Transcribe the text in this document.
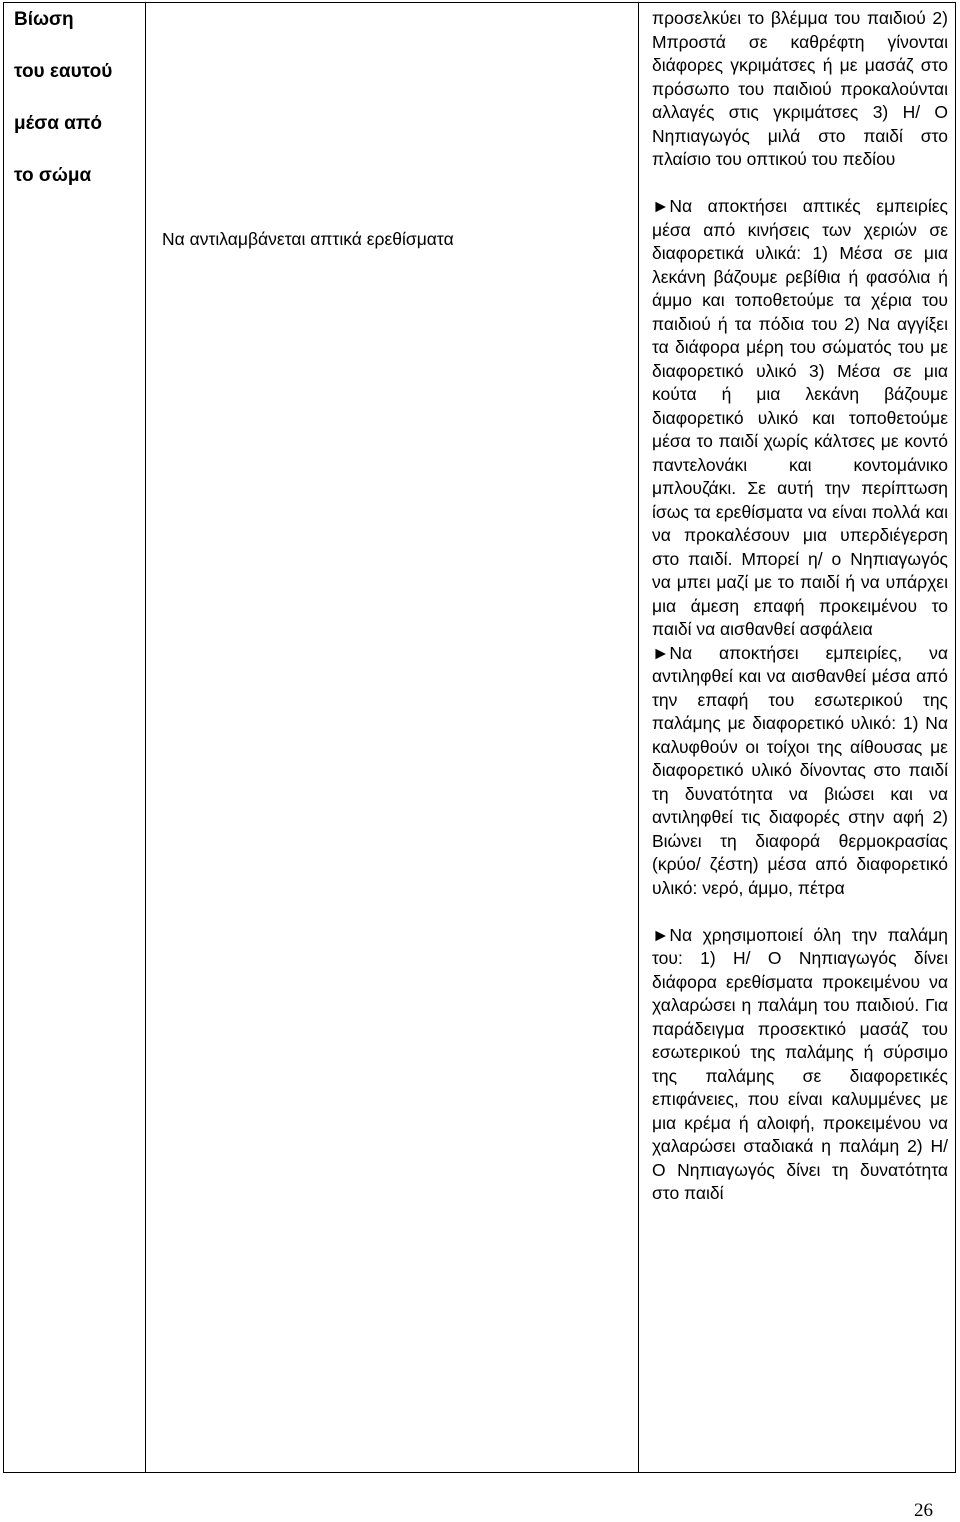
Βίωση
του εαυτού
μέσα από
το σώμα
Να αντιλαμβάνεται απτικά ερεθίσματα
προσελκύει το βλέμμα του παιδιού 2) Μπροστά σε καθρέφτη γίνονται διάφορες γκριμάτσες ή με μασάζ στο πρόσωπο του παιδιού προκαλούνται αλλαγές στις γκριμάτσες 3) Η/ Ο Νηπιαγωγός μιλά στο παιδί στο πλαίσιο του οπτικού του πεδίου
►Να αποκτήσει απτικές εμπειρίες μέσα από κινήσεις των χεριών σε διαφορετικά υλικά: 1) Μέσα σε μια λεκάνη βάζουμε ρεβίθια ή φασόλια ή άμμο και τοποθετούμε τα χέρια του παιδιού ή τα πόδια του 2) Να αγγίξει τα διάφορα μέρη του σώματός του με διαφορετικό υλικό 3) Μέσα σε μια κούτα ή μια λεκάνη βάζουμε διαφορετικό υλικό και τοποθετούμε μέσα το παιδί χωρίς κάλτσες με κοντό παντελονάκι και κοντομάνικο μπλουζάκι. Σε αυτή την περίπτωση ίσως τα ερεθίσματα να είναι πολλά και να προκαλέσουν μια υπερδιέγερση στο παιδί. Μπορεί η/ ο Νηπιαγωγός να μπει μαζί με το παιδί ή να υπάρχει μια άμεση επαφή προκειμένου το παιδί να αισθανθεί ασφάλεια
►Να αποκτήσει εμπειρίες, να αντιληφθεί και να αισθανθεί μέσα από την επαφή του εσωτερικού της παλάμης με διαφορετικό υλικό: 1) Να καλυφθούν οι τοίχοι της αίθουσας με διαφορετικό υλικό δίνοντας στο παιδί τη δυνατότητα να βιώσει και να αντιληφθεί τις διαφορές στην αφή 2) Βιώνει τη διαφορά θερμοκρασίας (κρύο/ ζέστη) μέσα από διαφορετικό υλικό: νερό, άμμο, πέτρα
►Να χρησιμοποιεί όλη την παλάμη του: 1) Η/ Ο Νηπιαγωγός δίνει διάφορα ερεθίσματα προκειμένου να χαλαρώσει η παλάμη του παιδιού. Για παράδειγμα προσεκτικό μασάζ του εσωτερικού της παλάμης ή σύρσιμο της παλάμης σε διαφορετικές επιφάνειες, που είναι καλυμμένες με μια κρέμα ή αλοιφή, προκειμένου να χαλαρώσει σταδιακά η παλάμη 2) Η/ Ο Νηπιαγωγός δίνει τη δυνατότητα στο παιδί
26
